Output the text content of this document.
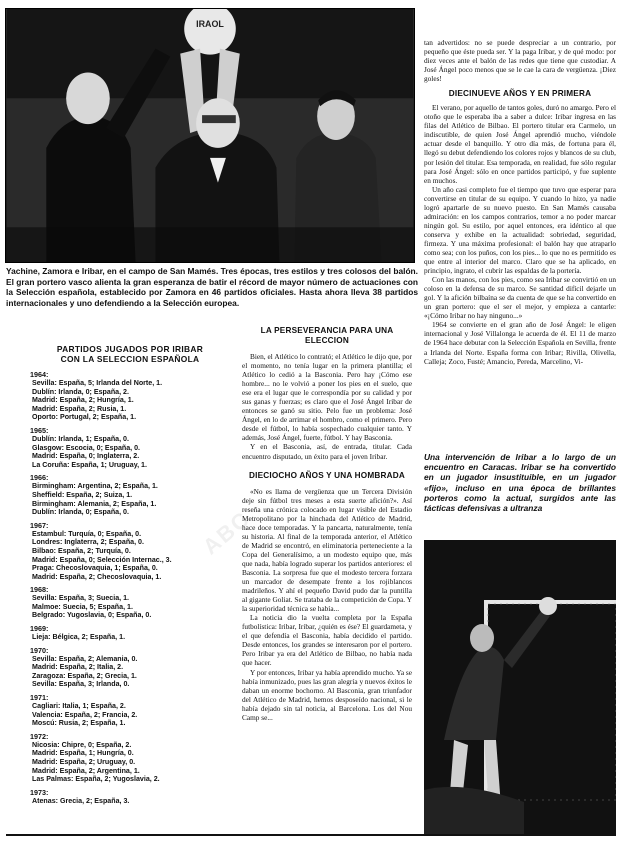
IRAOL
Yachine, Zamora e Iribar, en el campo de San Mamés. Tres épocas, tres estilos y tres colosos del balón. El gran portero vasco alienta la gran esperanza de batir el récord de mayor número de actuaciones con la Selección española, establecido por Zamora en 46 partidos oficiales. Hasta ahora lleva 38 partidos internacionales y uno defendiendo a la Selección europea.
PARTIDOS JUGADOS POR IRIBAR
CON LA SELECCION ESPAÑOLA
1964:
Sevilla: España, 5; Irlanda del Norte, 1.
Dublín: Irlanda, 0; España, 2.
Madrid: España, 2; Hungría, 1.
Madrid: España, 2; Rusia, 1.
Oporto: Portugal, 2; España, 1.
1965:
Dublín: Irlanda, 1; España, 0.
Glasgow: Escocia, 0; España, 0.
Madrid: España, 0; Inglaterra, 2.
La Coruña: España, 1; Uruguay, 1.
1966:
Birmingham: Argentina, 2; España, 1.
Sheffield: España, 2; Suiza, 1.
Birmingham: Alemania, 2; España, 1.
Dublín: Irlanda, 0; España, 0.
1967:
Estambul: Turquía, 0; España, 0.
Londres: Inglaterra, 2; España, 0.
Bilbao: España, 2; Turquía, 0.
Madrid: España, 0; Selección Internac., 3.
Praga: Checoslovaquia, 1; España, 0.
Madrid: España, 2; Checoslovaquia, 1.
1968:
Sevilla: España, 3; Suecia, 1.
Malmoe: Suecia, 5; España, 1.
Belgrado: Yugoslavia, 0; España, 0.
1969:
Lieja: Bélgica, 2; España, 1.
1970:
Sevilla: España, 2; Alemania, 0.
Madrid: España, 2; Italia, 2.
Zaragoza: España, 2; Grecia, 1.
Sevilla: España, 3; Irlanda, 0.
1971:
Cagliari: Italia, 1; España, 2.
Valencia: España, 2; Francia, 2.
Moscú: Rusia, 2; España, 1.
1972:
Nicosia: Chipre, 0; España, 2.
Madrid: España, 1; Hungría, 0.
Madrid: España, 2; Uruguay, 0.
Madrid: España, 2; Argentina, 1.
Las Palmas: España, 2; Yugoslavia, 2.
1973:
Atenas: Grecia, 2; España, 3.
LA PERSEVERANCIA PARA UNA
ELECCION

Bien, el Atlético lo contrató; el Atlético le dijo que, por el momento, no tenía lugar en la primera plantilla; el Atlético lo cedió a la Basconia. Pero hay ¡Cómo ese hombre... no le volvió a poner los pies en el suelo, que ese era el lugar que le correspondía por su calidad y por sus ganas y fuerzas; es claro que el José Ángel Iribar de entonces se ganó su sitio. Pelo fue un problema: José Ángel, en lo de arrimar el hombro, como el primero. Pero desde el fútbol, lo había sospechado cualquier tanto. Y además, José Ángel, fuerte, fútbol. Y hay Basconia.

Y en el Basconia, así, de entrada, titular. Cada encuentro disputado, un éxito para el joven Iribar.

DIECIOCHO AÑOS Y UNA HOMBRADA

«No es llama de vergüenza que un Tercera División deje sin fútbol tres meses a esta suerte afición?». Así reseña una crónica colocado en lugar visible del Estadio Metropolitano por la hinchada del Atlético de Madrid, hace doce temporadas. Y la pancarta, naturalmente, tenía su historia. Al final de la temporada anterior, el Atlético de Madrid se encontró, en eliminatoria perteneciente a la Copa del Generalísimo, a un modesto equipo que, más que nada, había logrado superar los partidos anteriores: el Basconia. La sorpresa fue que el modesto tercera forzara un marcador de desempate frente a los rojiblancos madrileños. Y ahí el pequeño David pudo dar la puntilla al gigante Goliat. Se trataba de la competición de Copa. Y la superioridad técnica se había...

La noticia dio la vuelta completa por la España futbolística: Iribar, Iribar, ¿quién es ése? El guardameta, y el que defendía el Basconia, había decidido el partido. Desde entonces, los grandes se interesaron por el portero. Pero Iribar ya era del Atlético de Bilbao, no había nada que hacer.

Y por entonces, Iribar ya había aprendido mucho. Ya se había inmunizado, pues las gran alegría y nuevos éxitos le daban un enorme bochorno. Al Basconia, gran triunfador del Atlético de Madrid, hemos desposeído nacional, si le había dejado sin tal noticia, al Barcelona. Los del Nou Camp se...

tan advertidos: no se puede despreciar a un contrario, por pequeño que éste pueda ser. Y la paga Iribar, y de qué modo: por diez veces ante el balón de las redes que tiene que custodiar. A José Ángel poco menos que se le cae la cara de vergüenza. ¡Diez goles!

DIECINUEVE AÑOS Y EN PRIMERA

El verano, por aquello de tantos goles, duró no amargo. Pero el otoño que le esperaba iba a saber a dulce: Iribar ingresa en las filas del Atlético de Bilbao. El portero titular era Carmelo, un indiscutible, de quien José Ángel aprendió mucho, viéndole actuar desde el banquillo. Y otro día más, de fortuna para él, llegó su debut defendiendo los colores rojos y blancos de su club, por lesión del titular. Esa temporada, en realidad, fue sólo regular para José Ángel: sólo en once partidos participó, y fue suplente en muchos.

Un año casi completo fue el tiempo que tuvo que esperar para convertirse en titular de su equipo. Y cuando lo hizo, ya nadie logró apartarle de su nuevo puesto. En San Mamés causaba admiración: en los campos contrarios, temor a no poder marcar ningún gol. Su estilo, por aquel entonces, era idéntico al que conserva y exhibe en la actualidad: sobriedad, seguridad, firmeza. Y una máxima profesional: el balón hay que atraparlo como sea; con los puños, con los pies... lo que no es permitido es que entre al interior del marco. Claro que se ha aplicado, en principio, ingrato, el cubrir las espaldas de la portería.

Con las manos, con los pies, como sea Iribar se convirtió en un coloso en la defensa de su marco. Se santidad difícil dejarle un gol. Y la afición bilbaína se da cuenta de que se ha convertido en un gran portero: que el ser el mejor, y empieza a cantarle: «¡Cómo Iribar no hay ninguno...»

1964 se convierte en el gran año de José Ángel: le eligen internacional y José Villalonga le acuerda de él. El 11 de marzo de 1964 hace debutar con la Selección Española en Sevilla, frente a Irlanda del Norte. España forma con Iribar; Rivilla, Olivella, Calleja; Zoco, Fusté; Amancio, Pereda, Marcelino, Vi-

Una intervención de Iribar a lo largo de un encuentro en Caracas. Iribar se ha convertido en un jugador insustituible, en un jugador «fijo», incluso en una época de brillantes porteros como la actual, surgidos ante las tácticas defensivas a ultranza
ABC
